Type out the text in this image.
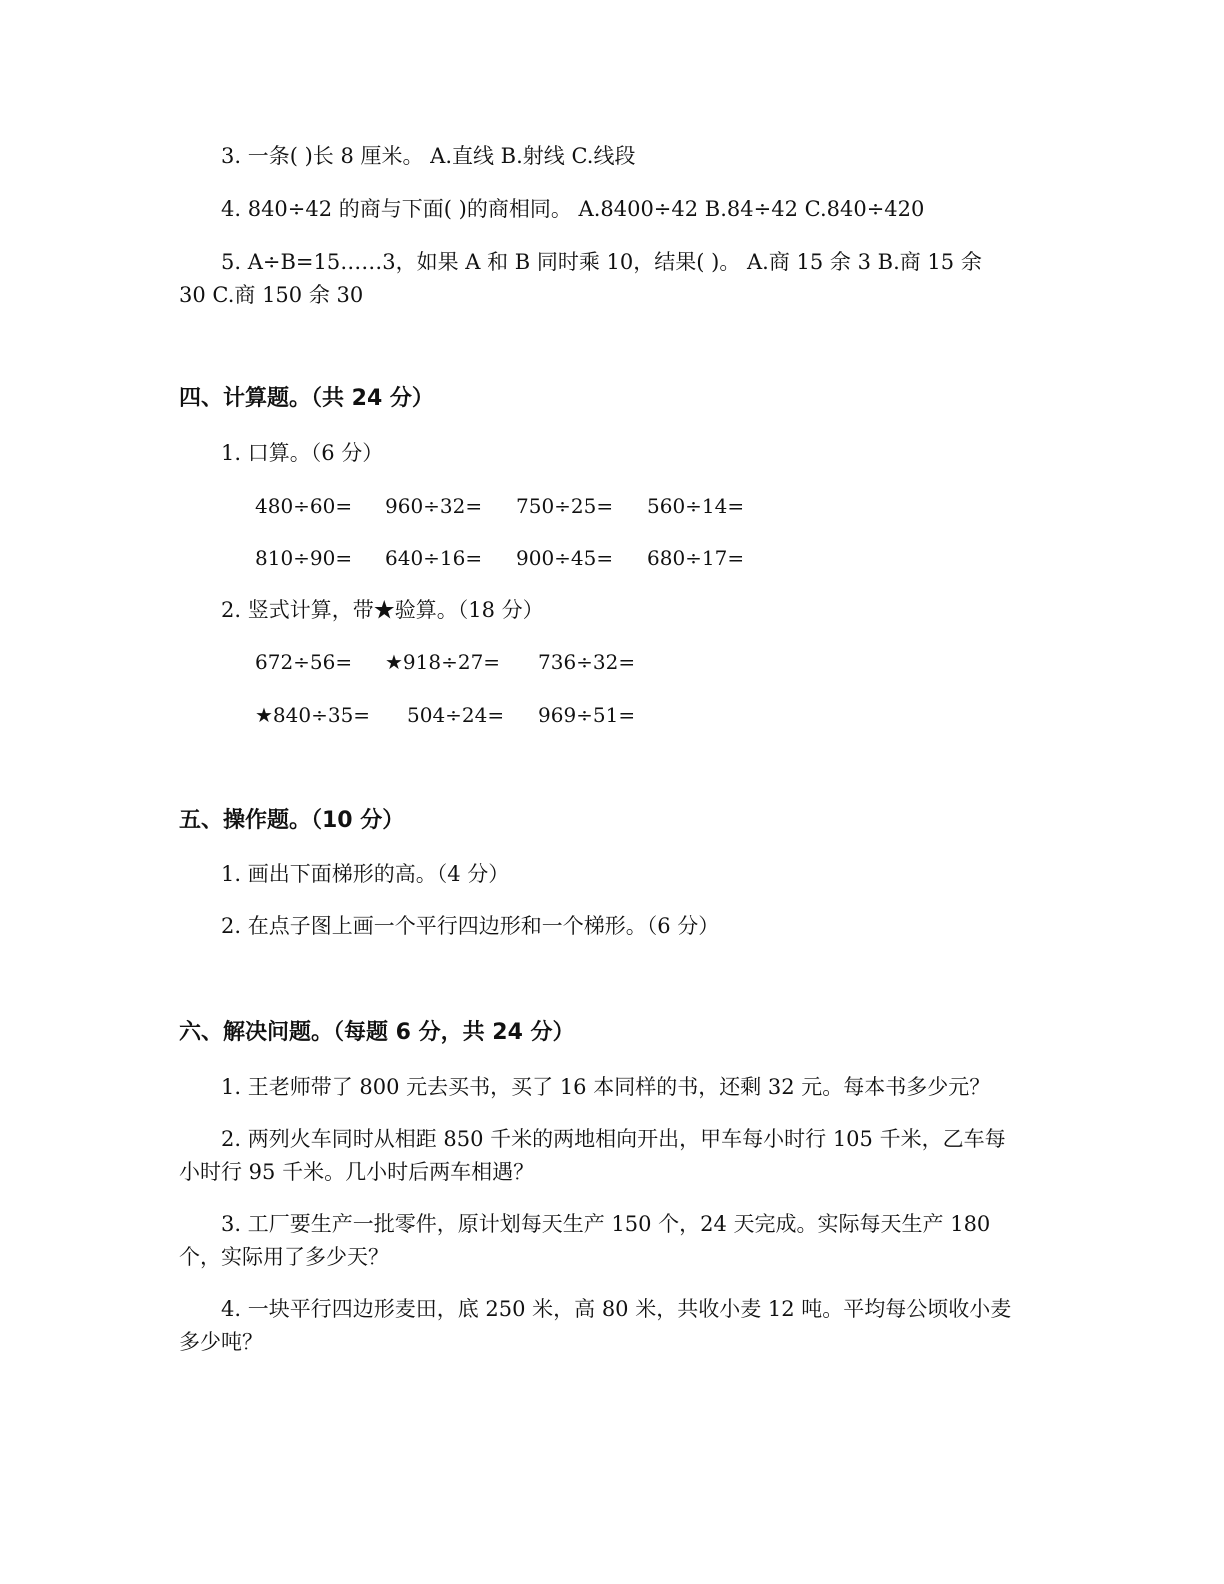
3. 一条( )长 8 厘米。 A.直线 B.射线 C.线段

4. 840÷42 的商与下面( )的商相同。 A.8400÷42 B.84÷42 C.840÷420

5. A÷B=15……3，如果 A 和 B 同时乘 10，结果( )。 A.商 15 余 3 B.商 15 余

30 C.商 150 余 30

四、计算题。（共 24 分）

1. 口算。（6 分）

480÷60= 960÷32= 750÷25= 560÷14=
810÷90= 640÷16= 900÷45= 680÷17=

2. 竖式计算，带★验算。（18 分）

672÷56= ★918÷27= 736÷32=
★840÷35= 504÷24= 969÷51=
五、操作题。（10 分）

1. 画出下面梯形的高。（4 分）

2. 在点子图上画一个平行四边形和一个梯形。（6 分）

六、解决问题。（每题 6 分，共 24 分）

1. 王老师带了 800 元去买书，买了 16 本同样的书，还剩 32 元。每本书多少元？

2. 两列火车同时从相距 850 千米的两地相向开出，甲车每小时行 105 千米，乙车每

小时行 95 千米。几小时后两车相遇？

3. 工厂要生产一批零件，原计划每天生产 150 个，24 天完成。实际每天生产 180

个，实际用了多少天？

4. 一块平行四边形麦田，底 250 米，高 80 米，共收小麦 12 吨。平均每公顷收小麦

多少吨？
